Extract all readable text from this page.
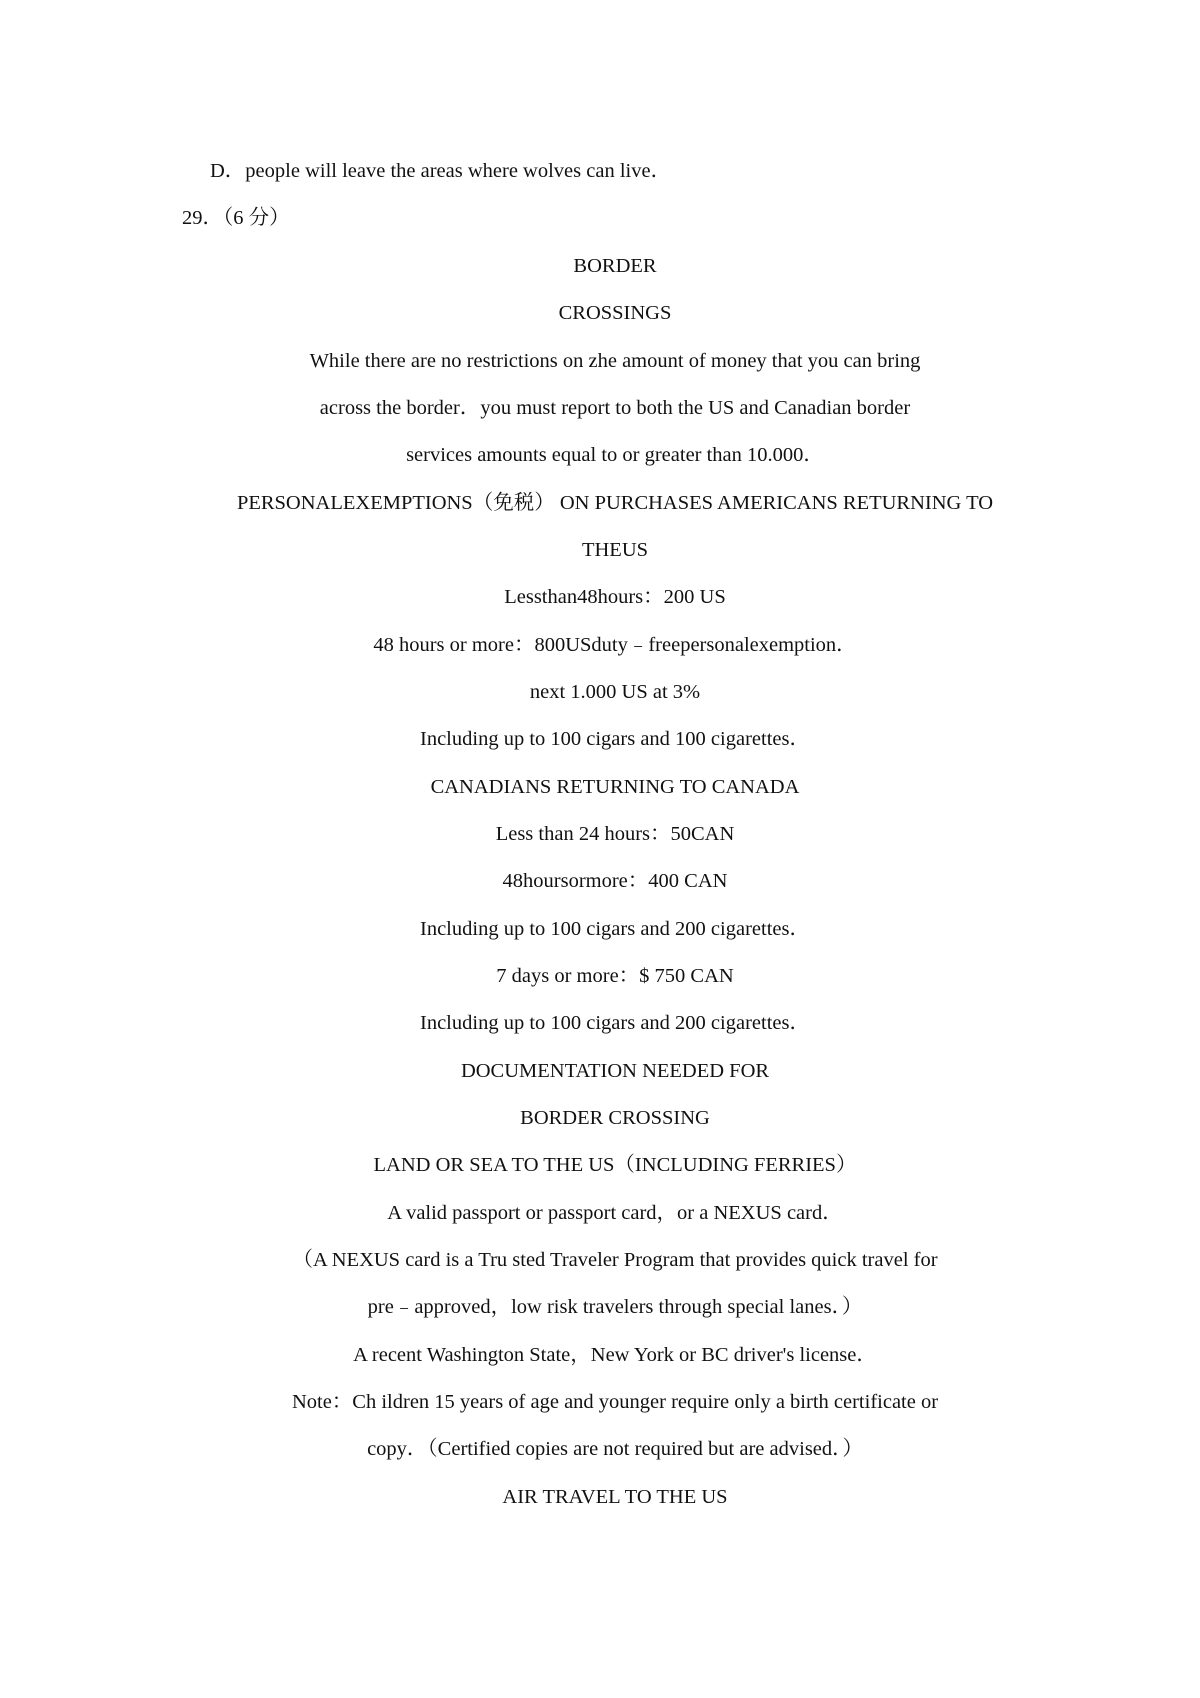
D．people will leave the areas where wolves can live．
29．（6 分）
BORDER
CROSSINGS
While there are no restrictions on zhe amount of money that you can bring
across the border．you must report to both the US and Canadian border
services amounts equal to or greater than 10.000．
PERSONALEXEMPTIONS（免税） ON PURCHASES AMERICANS RETURNING TO
THEUS
Lessthan48hours：200 US
48 hours or more：800USduty﹣freepersonalexemption．
next 1.000 US at 3%
Including up to 100 cigars and 100 cigarettes．
CANADIANS RETURNING TO CANADA
Less than 24 hours：50CAN
48hoursormore：400 CAN
Including up to 100 cigars and 200 cigarettes．
7 days or more：$ 750 CAN
Including up to 100 cigars and 200 cigarettes．
DOCUMENTATION NEEDED FOR
BORDER CROSSING
LAND OR SEA TO THE US（INCLUDING FERRIES）
A valid passport or passport card，or a NEXUS card．
（A NEXUS card is a Tru sted Traveler Program that provides quick travel for
pre﹣approved，low risk travelers through special lanes．）
A recent Washington State，New York or BC driver's license．
Note：Ch ildren 15 years of age and younger require only a birth certificate or
copy．（Certified copies are not required but are advised．）
AIR TRAVEL TO THE US
